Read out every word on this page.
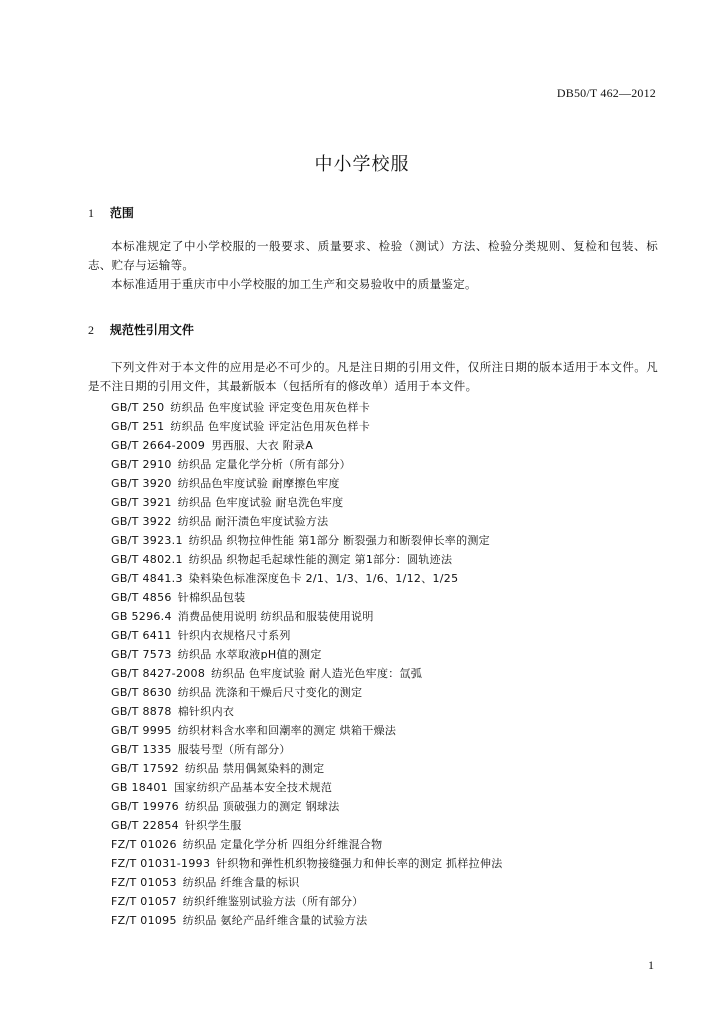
DB50/T 462—2012
中小学校服
1 范围
本标准规定了中小学校服的一般要求、质量要求、检验（测试）方法、检验分类规则、复检和包装、标志、贮存与运输等。
本标准适用于重庆市中小学校服的加工生产和交易验收中的质量鉴定。
2 规范性引用文件
下列文件对于本文件的应用是必不可少的。凡是注日期的引用文件，仅所注日期的版本适用于本文件。凡是不注日期的引用文件，其最新版本（包括所有的修改单）适用于本文件。
GB/T 250 纺织品 色牢度试验 评定变色用灰色样卡
GB/T 251 纺织品 色牢度试验 评定沾色用灰色样卡
GB/T 2664-2009 男西服、大衣 附录A
GB/T 2910 纺织品 定量化学分析（所有部分）
GB/T 3920 纺织品色牢度试验 耐摩擦色牢度
GB/T 3921 纺织品 色牢度试验 耐皂洗色牢度
GB/T 3922 纺织品 耐汗渍色牢度试验方法
GB/T 3923.1 纺织品 织物拉伸性能 第1部分 断裂强力和断裂伸长率的测定
GB/T 4802.1 纺织品 织物起毛起球性能的测定 第1部分：圆轨迹法
GB/T 4841.3 染料染色标准深度色卡 2/1、1/3、1/6、1/12、1/25
GB/T 4856 针棉织品包装
GB 5296.4 消费品使用说明 纺织品和服装使用说明
GB/T 6411 针织内衣规格尺寸系列
GB/T 7573 纺织品 水萃取液pH值的测定
GB/T 8427-2008 纺织品 色牢度试验 耐人造光色牢度：氙弧
GB/T 8630 纺织品 洗涤和干燥后尺寸变化的测定
GB/T 8878 棉针织内衣
GB/T 9995 纺织材料含水率和回潮率的测定 烘箱干燥法
GB/T 1335 服装号型（所有部分）
GB/T 17592 纺织品 禁用偶氮染料的测定
GB 18401 国家纺织产品基本安全技术规范
GB/T 19976 纺织品 顶破强力的测定 钢球法
GB/T 22854 针织学生服
FZ/T 01026 纺织品 定量化学分析 四组分纤维混合物
FZ/T 01031-1993 针织物和弹性机织物接缝强力和伸长率的测定 抓样拉伸法
FZ/T 01053 纺织品 纤维含量的标识
FZ/T 01057 纺织纤维鉴别试验方法（所有部分）
FZ/T 01095 纺织品 氨纶产品纤维含量的试验方法
1
